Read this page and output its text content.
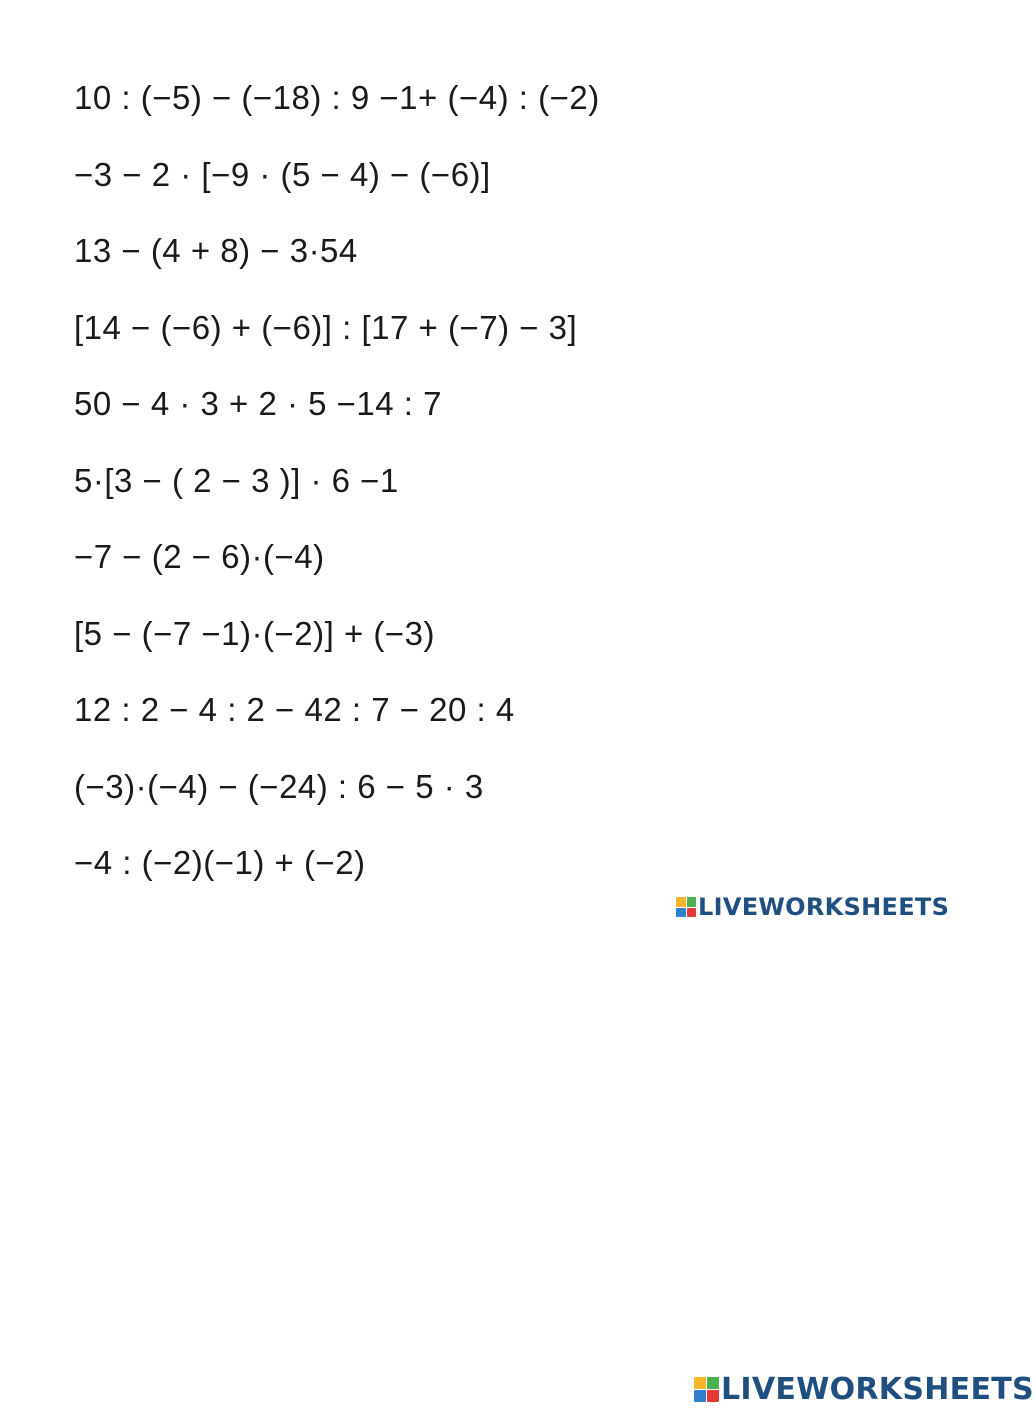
10 : (−5) − (−18) : 9 −1+ (−4) : (−2)
−3 − 2 · [−9 · (5 − 4) − (−6)]
13 − (4 + 8) − 3·54
[14 − (−6) + (−6)] : [17 + (−7) − 3]
50 − 4 · 3 + 2 · 5 −14 : 7
5·[3 − ( 2 − 3 )] · 6 −1
−7 − (2 − 6)·(−4)
[5 − (−7 −1)·(−2)] + (−3)
12 : 2 − 4 : 2 − 42 : 7 − 20 : 4
(−3)·(−4) − (−24) : 6 − 5 · 3
−4 : (−2)(−1) + (−2)
LIVEWORKSHEETS
LIVEWORKSHEETS
